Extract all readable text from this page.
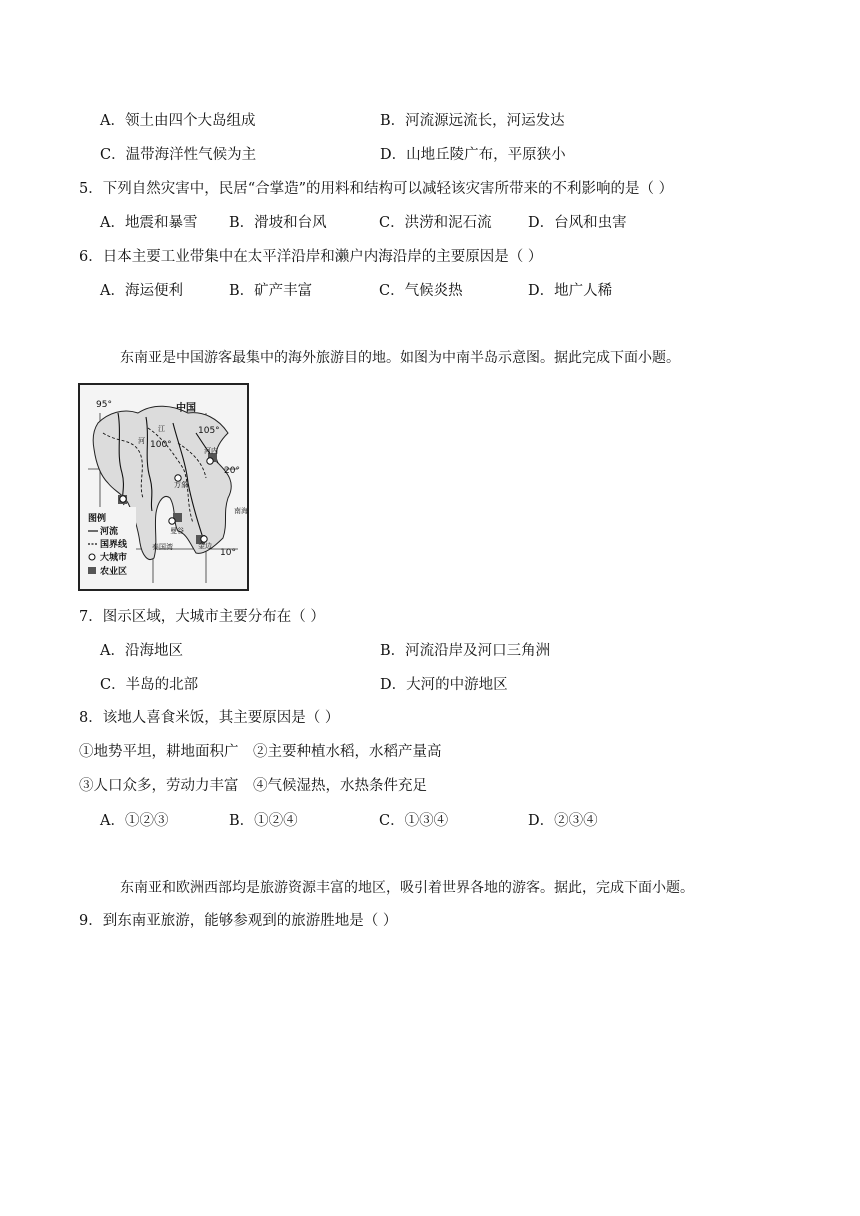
A．领土由四个大岛组成	B．河流源远流长，河运发达
C．温带海洋性气候为主	D．山地丘陵广布，平原狭小
5．下列自然灾害中，民居“合掌造”的用料和结构可以减轻该灾害所带来的不利影响的是（ ）
A．地震和暴雪 B．滑坡和台风	C．洪涝和泥石流	D．台风和虫害
6．日本主要工业带集中在太平洋沿岸和濑户内海沿岸的主要原因是（ ）
A．海运便利	B．矿产丰富	C．气候炎热	D．地广人稀
东南亚是中国游客最集中的海外旅游目的地。如图为中南半岛示意图。据此完成下面小题。
95°
100°
105°
20°
10°
中国
河内
曼谷
泰国湾	金边
万象
江
河
南海
图例
河流
国界线
大城市
农业区
7．图示区域，大城市主要分布在（ ）
A．沿海地区	B．河流沿岸及河口三角洲
C．半岛的北部	D．大河的中游地区
8．该地人喜食米饭，其主要原因是（ ）
①地势平坦，耕地面积广　②主要种植水稻，水稻产量高
③人口众多，劳动力丰富　④气候湿热，水热条件充足
A．①②③	B．①②④	C．①③④	D．②③④
东南亚和欧洲西部均是旅游资源丰富的地区，吸引着世界各地的游客。据此，完成下面小题。
9．到东南亚旅游，能够参观到的旅游胜地是（ ）
